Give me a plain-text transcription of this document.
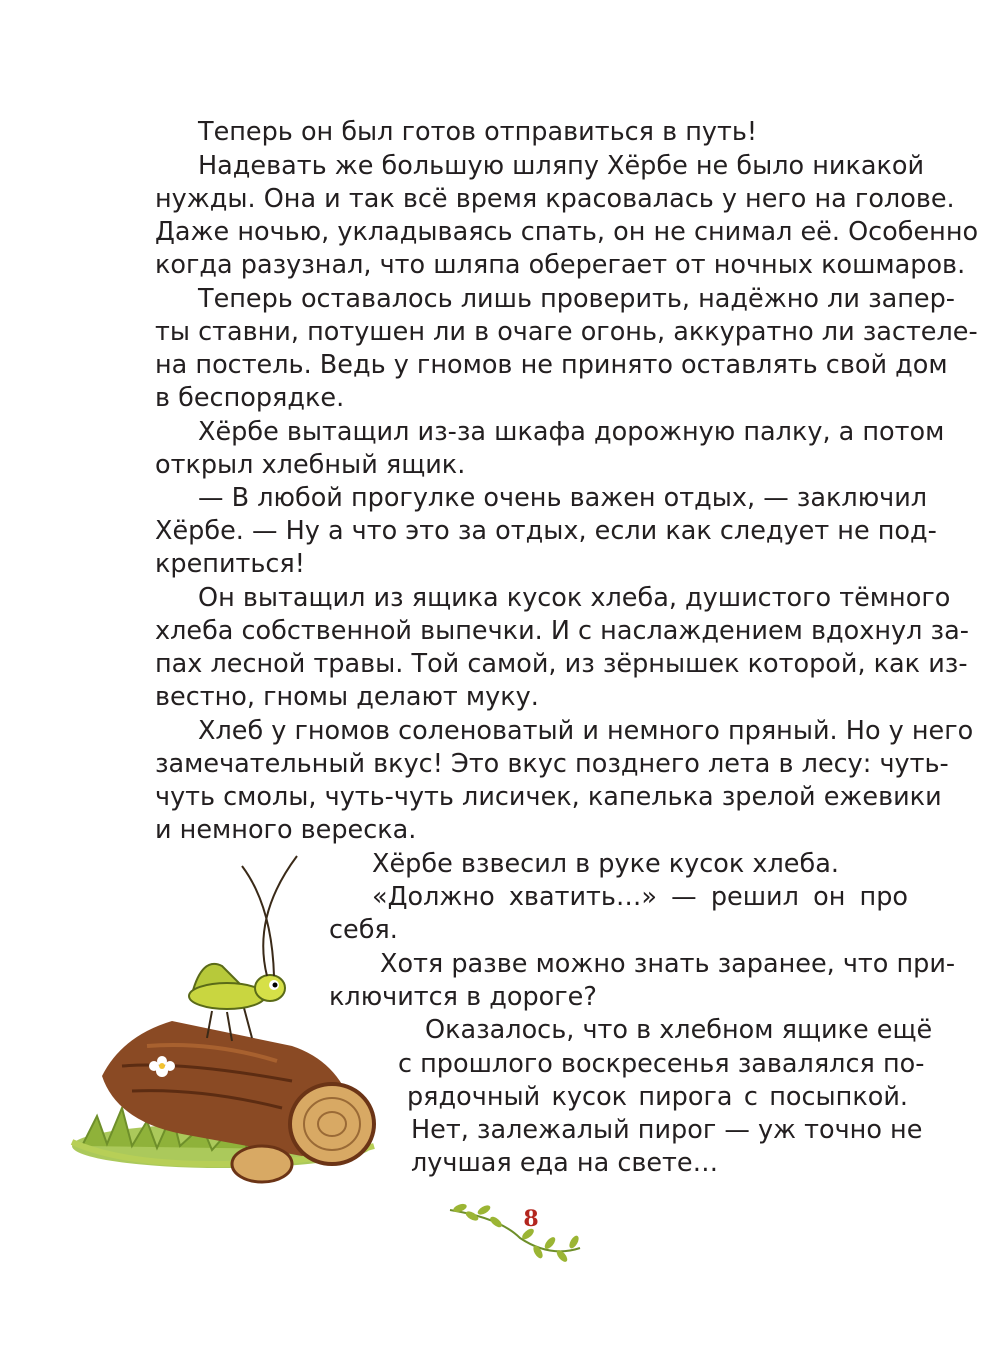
Теперь он был готов отправиться в путь!
Надевать же большую шляпу Хёрбе не было никакой
нужды. Она и так всё время красовалась у него на голове.
Даже ночью, укладываясь спать, он не снимал её. Особенно
когда разузнал, что шляпа оберегает от ночных кошмаров.
Теперь оставалось лишь проверить, надёжно ли запер-
ты ставни, потушен ли в очаге огонь, аккуратно ли застеле-
на постель. Ведь у гномов не принято оставлять свой дом
в беспорядке.
Хёрбе вытащил из-за шкафа дорожную палку, а потом
открыл хлебный ящик.
— В любой прогулке очень важен отдых, — заключил
Хёрбе. — Ну а что это за отдых, если как следует не под-
крепиться!
Он вытащил из ящика кусок хлеба, душистого тёмного
хлеба собственной выпечки. И с наслаждением вдохнул за-
пах лесной травы. Той самой, из зёрнышек которой, как из-
вестно, гномы делают муку.
Хлеб у гномов соленоватый и немного пряный. Но у него
замечательный вкус! Это вкус позднего лета в лесу: чуть-
чуть смолы, чуть-чуть лисичек, капелька зрелой ежевики
и немного вереска.
Хёрбе взвесил в руке кусок хлеба.
«Должно хватить…» — решил он про
себя.
Хотя разве можно знать заранее, что при-
ключится в дороге?
Оказалось, что в хлебном ящике ещё
с прошлого воскресенья завалялся по-
рядочный кусок пирога с посыпкой.
Нет, залежалый пирог — уж точно не
лучшая еда на свете…
8
